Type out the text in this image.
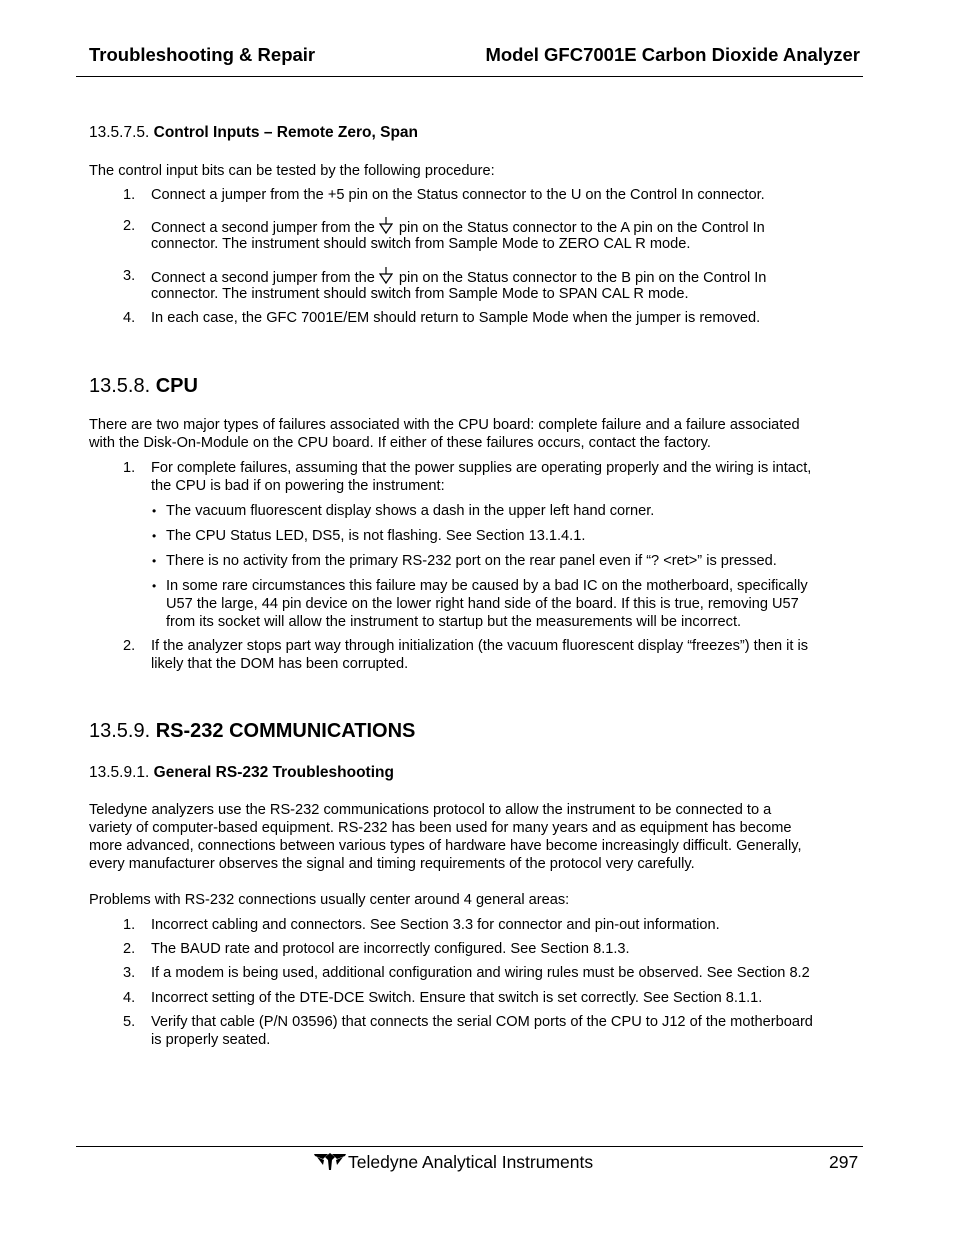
Troubleshooting & Repair	Model GFC7001E Carbon Dioxide Analyzer
13.5.7.5. Control Inputs – Remote Zero, Span
The control input bits can be tested by the following procedure:
1. Connect a jumper from the +5 pin on the Status connector to the U on the Control In connector.
2. Connect a second jumper from the pin on the Status connector to the A pin on the Control In
connector. The instrument should switch from Sample Mode to ZERO CAL R mode.
3. Connect a second jumper from the pin on the Status connector to the B pin on the Control In
connector. The instrument should switch from Sample Mode to SPAN CAL R mode.
4. In each case, the GFC 7001E/EM should return to Sample Mode when the jumper is removed.
13.5.8. CPU
There are two major types of failures associated with the CPU board: complete failure and a failure associated
with the Disk-On-Module on the CPU board. If either of these failures occurs, contact the factory.
1. For complete failures, assuming that the power supplies are operating properly and the wiring is intact,
the CPU is bad if on powering the instrument:
• The vacuum fluorescent display shows a dash in the upper left hand corner.
• The CPU Status LED, DS5, is not flashing. See Section 13.1.4.1.
• There is no activity from the primary RS-232 port on the rear panel even if “? <ret>” is pressed.
• In some rare circumstances this failure may be caused by a bad IC on the motherboard, specifically
U57 the large, 44 pin device on the lower right hand side of the board. If this is true, removing U57
from its socket will allow the instrument to startup but the measurements will be incorrect.
2. If the analyzer stops part way through initialization (the vacuum fluorescent display “freezes”) then it is
likely that the DOM has been corrupted.
13.5.9. RS-232 COMMUNICATIONS
13.5.9.1. General RS-232 Troubleshooting
Teledyne analyzers use the RS-232 communications protocol to allow the instrument to be connected to a
variety of computer-based equipment. RS-232 has been used for many years and as equipment has become
more advanced, connections between various types of hardware have become increasingly difficult. Generally,
every manufacturer observes the signal and timing requirements of the protocol very carefully.
Problems with RS-232 connections usually center around 4 general areas:
1. Incorrect cabling and connectors. See Section 3.3 for connector and pin-out information.
2. The BAUD rate and protocol are incorrectly configured. See Section 8.1.3.
3. If a modem is being used, additional configuration and wiring rules must be observed. See Section 8.2
4. Incorrect setting of the DTE-DCE Switch. Ensure that switch is set correctly. See Section 8.1.1.
5. Verify that cable (P/N 03596) that connects the serial COM ports of the CPU to J12 of the motherboard
is properly seated.
Teledyne Analytical Instruments	297
